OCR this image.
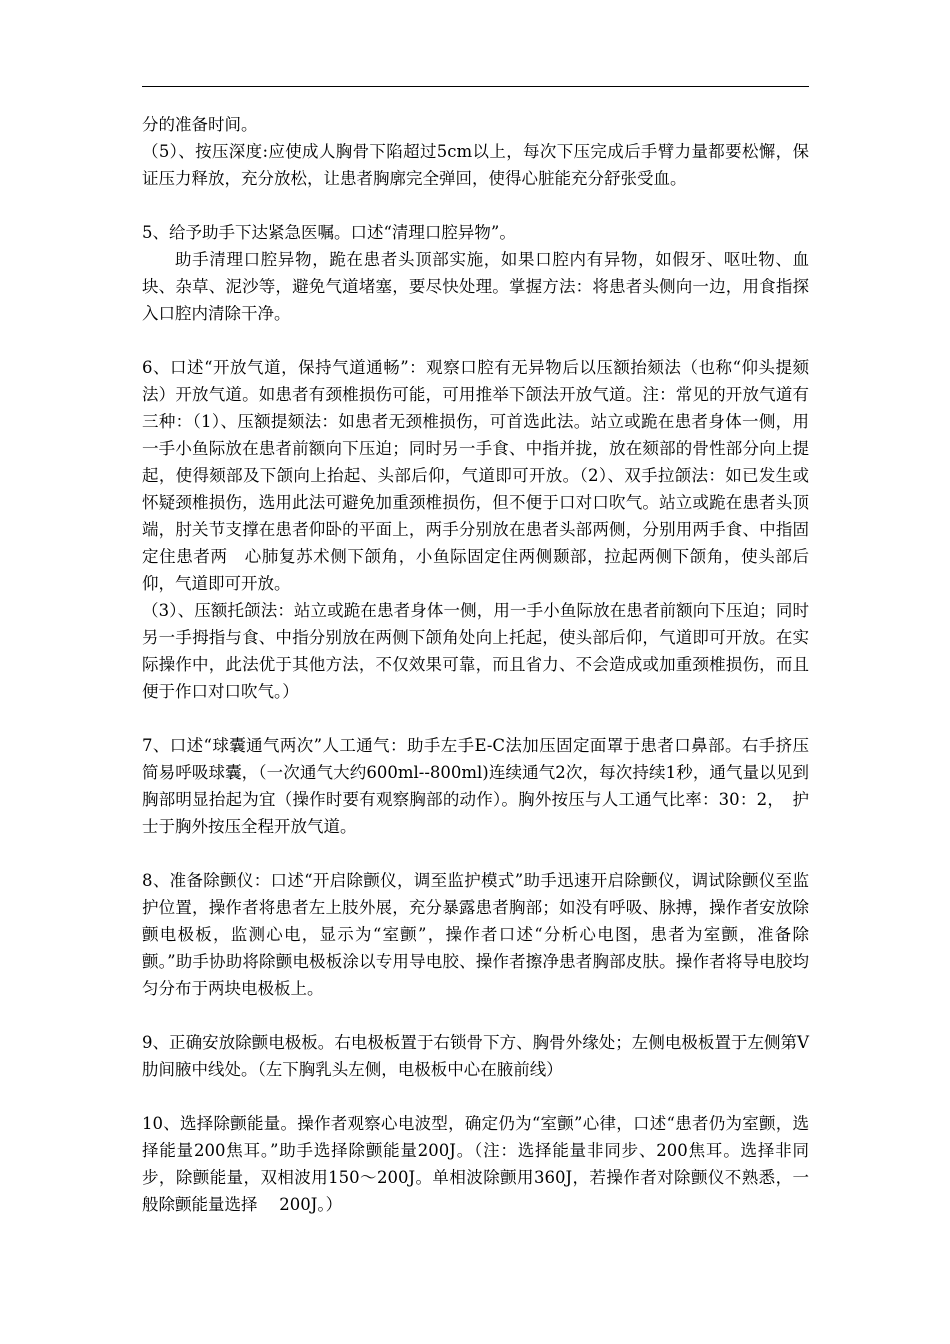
分的准备时间。

（5）、按压深度:应使成人胸骨下陷超过5cm以上，每次下压完成后手臂力量都要松懈，保证压力释放，充分放松，让患者胸廓完全弹回，使得心脏能充分舒张受血。

5、给予助手下达紧急医嘱。口述“清理口腔异物”。

助手清理口腔异物，跪在患者头顶部实施，如果口腔内有异物，如假牙、呕吐物、血块、杂草、泥沙等，避免气道堵塞，要尽快处理。掌握方法：将患者头侧向一边，用食指探入口腔内清除干净。

6、口述“开放气道，保持气道通畅”：观察口腔有无异物后以压额抬颏法（也称“仰头提颏法）开放气道。如患者有颈椎损伤可能，可用推举下颌法开放气道。注：常见的开放气道有三种：（1）、压额提颏法：如患者无颈椎损伤，可首选此法。站立或跪在患者身体一侧，用一手小鱼际放在患者前额向下压迫；同时另一手食、中指并拢，放在颏部的骨性部分向上提起，使得颏部及下颌向上抬起、头部后仰，气道即可开放。（2）、双手拉颌法：如已发生或怀疑颈椎损伤，选用此法可避免加重颈椎损伤，但不便于口对口吹气。站立或跪在患者头顶端，肘关节支撑在患者仰卧的平面上，两手分别放在患者头部两侧，分别用两手食、中指固定住患者两　心肺复苏术侧下颌角，小鱼际固定住两侧颞部，拉起两侧下颌角，使头部后仰，气道即可开放。

（3）、压额托颌法：站立或跪在患者身体一侧，用一手小鱼际放在患者前额向下压迫；同时另一手拇指与食、中指分别放在两侧下颌角处向上托起，使头部后仰，气道即可开放。在实际操作中，此法优于其他方法，不仅效果可靠，而且省力、不会造成或加重颈椎损伤，而且便于作口对口吹气。）

7、口述“球囊通气两次”人工通气：助手左手E-C法加压固定面罩于患者口鼻部。右手挤压简易呼吸球囊，（一次通气大约600ml--800ml)连续通气2次，每次持续1秒，通气量以见到胸部明显抬起为宜（操作时要有观察胸部的动作）。胸外按压与人工通气比率：30：2，　护士于胸外按压全程开放气道。

8、准备除颤仪：口述“开启除颤仪，调至监护模式”助手迅速开启除颤仪，调试除颤仪至监护位置，操作者将患者左上肢外展，充分暴露患者胸部；如没有呼吸、脉搏，操作者安放除颤电极板，监测心电，显示为“室颤”，操作者口述“分析心电图，患者为室颤，准备除颤。”助手协助将除颤电极板涂以专用导电胶、操作者擦净患者胸部皮肤。操作者将导电胶均匀分布于两块电极板上。

9、正确安放除颤电极板。右电极板置于右锁骨下方、胸骨外缘处；左侧电极板置于左侧第V肋间腋中线处。（左下胸乳头左侧，电极板中心在腋前线）

10、选择除颤能量。操作者观察心电波型，确定仍为“室颤”心律，口述“患者仍为室颤，选择能量200焦耳。”助手选择除颤能量200J。（注：选择能量非同步、200焦耳。选择非同步，除颤能量，双相波用150～200J。单相波除颤用360J，若操作者对除颤仪不熟悉，一般除颤能量选择　 200J。）
